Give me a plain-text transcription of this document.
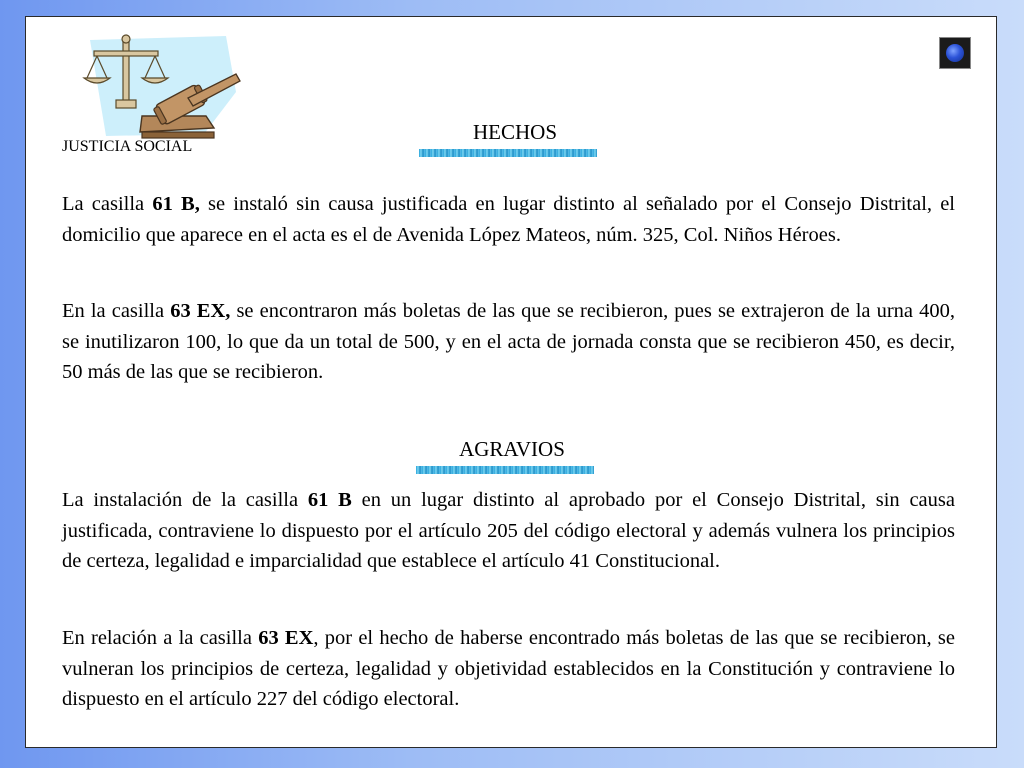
JUSTICIA SOCIAL
HECHOS

La casilla 61 B, se instaló sin causa justificada en lugar distinto al señalado por el Consejo Distrital, el domicilio que aparece en el acta es el de Avenida López Mateos, núm. 325, Col. Niños Héroes.

En la casilla 63 EX, se encontraron más boletas de las que se recibieron, pues se extrajeron de la urna 400, se inutilizaron 100, lo que da un total de 500, y en el acta de jornada consta que se recibieron 450, es decir, 50 más de las que se recibieron.

AGRAVIOS

La instalación de la casilla 61 B en un lugar distinto al aprobado por el Consejo Distrital, sin causa justificada, contraviene lo dispuesto por el artículo 205 del código electoral y además vulnera los principios de certeza, legalidad e imparcialidad que establece el artículo 41 Constitucional.

En relación a la casilla 63 EX, por el hecho de haberse encontrado más boletas de las que se recibieron, se vulneran los principios de certeza, legalidad y objetividad establecidos en la Constitución y contraviene lo dispuesto en el artículo 227 del código electoral.
